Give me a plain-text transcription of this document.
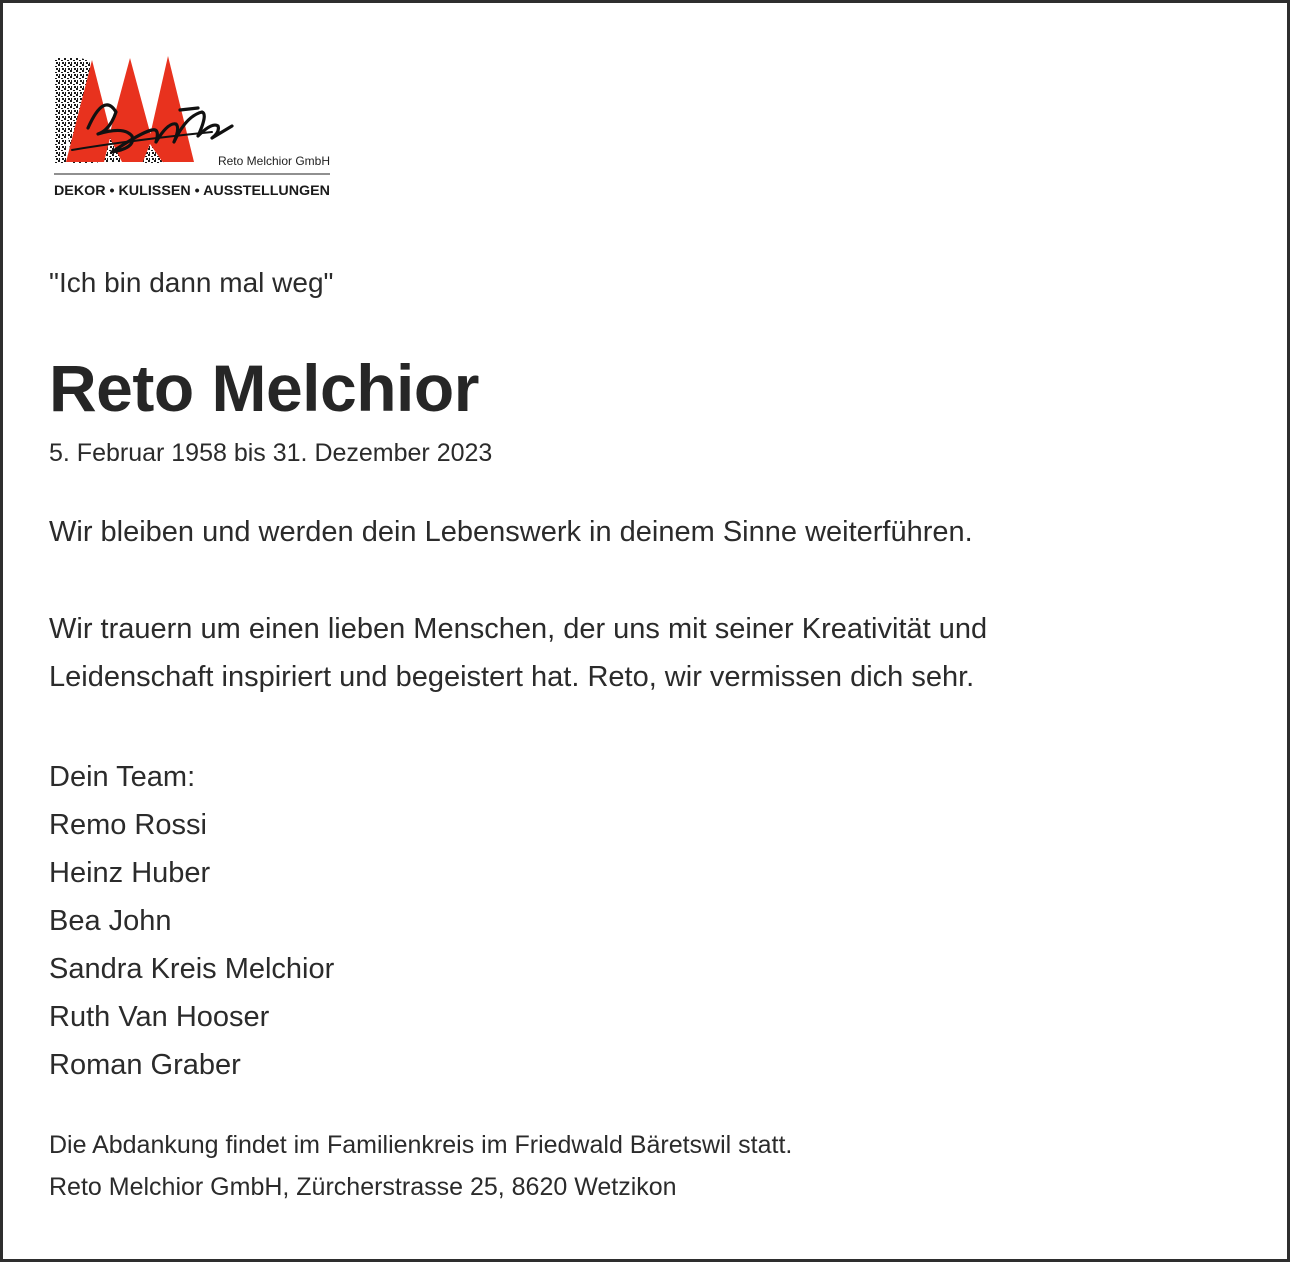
Reto Melchior GmbH
DEKOR • KULISSEN • AUSSTELLUNGEN
"Ich bin dann mal weg"
Reto Melchior
5. Februar 1958 bis 31. Dezember 2023
Wir bleiben und werden dein Lebenswerk in deinem Sinne weiterführen.
Wir trauern um einen lieben Menschen, der uns mit seiner Kreativität und
Leidenschaft inspiriert und begeistert hat. Reto, wir vermissen dich sehr.
Dein Team:
Remo Rossi
Heinz Huber
Bea John
Sandra Kreis Melchior
Ruth Van Hooser
Roman Graber
Die Abdankung findet im Familienkreis im Friedwald Bäretswil statt.
Reto Melchior GmbH, Zürcherstrasse 25, 8620 Wetzikon
